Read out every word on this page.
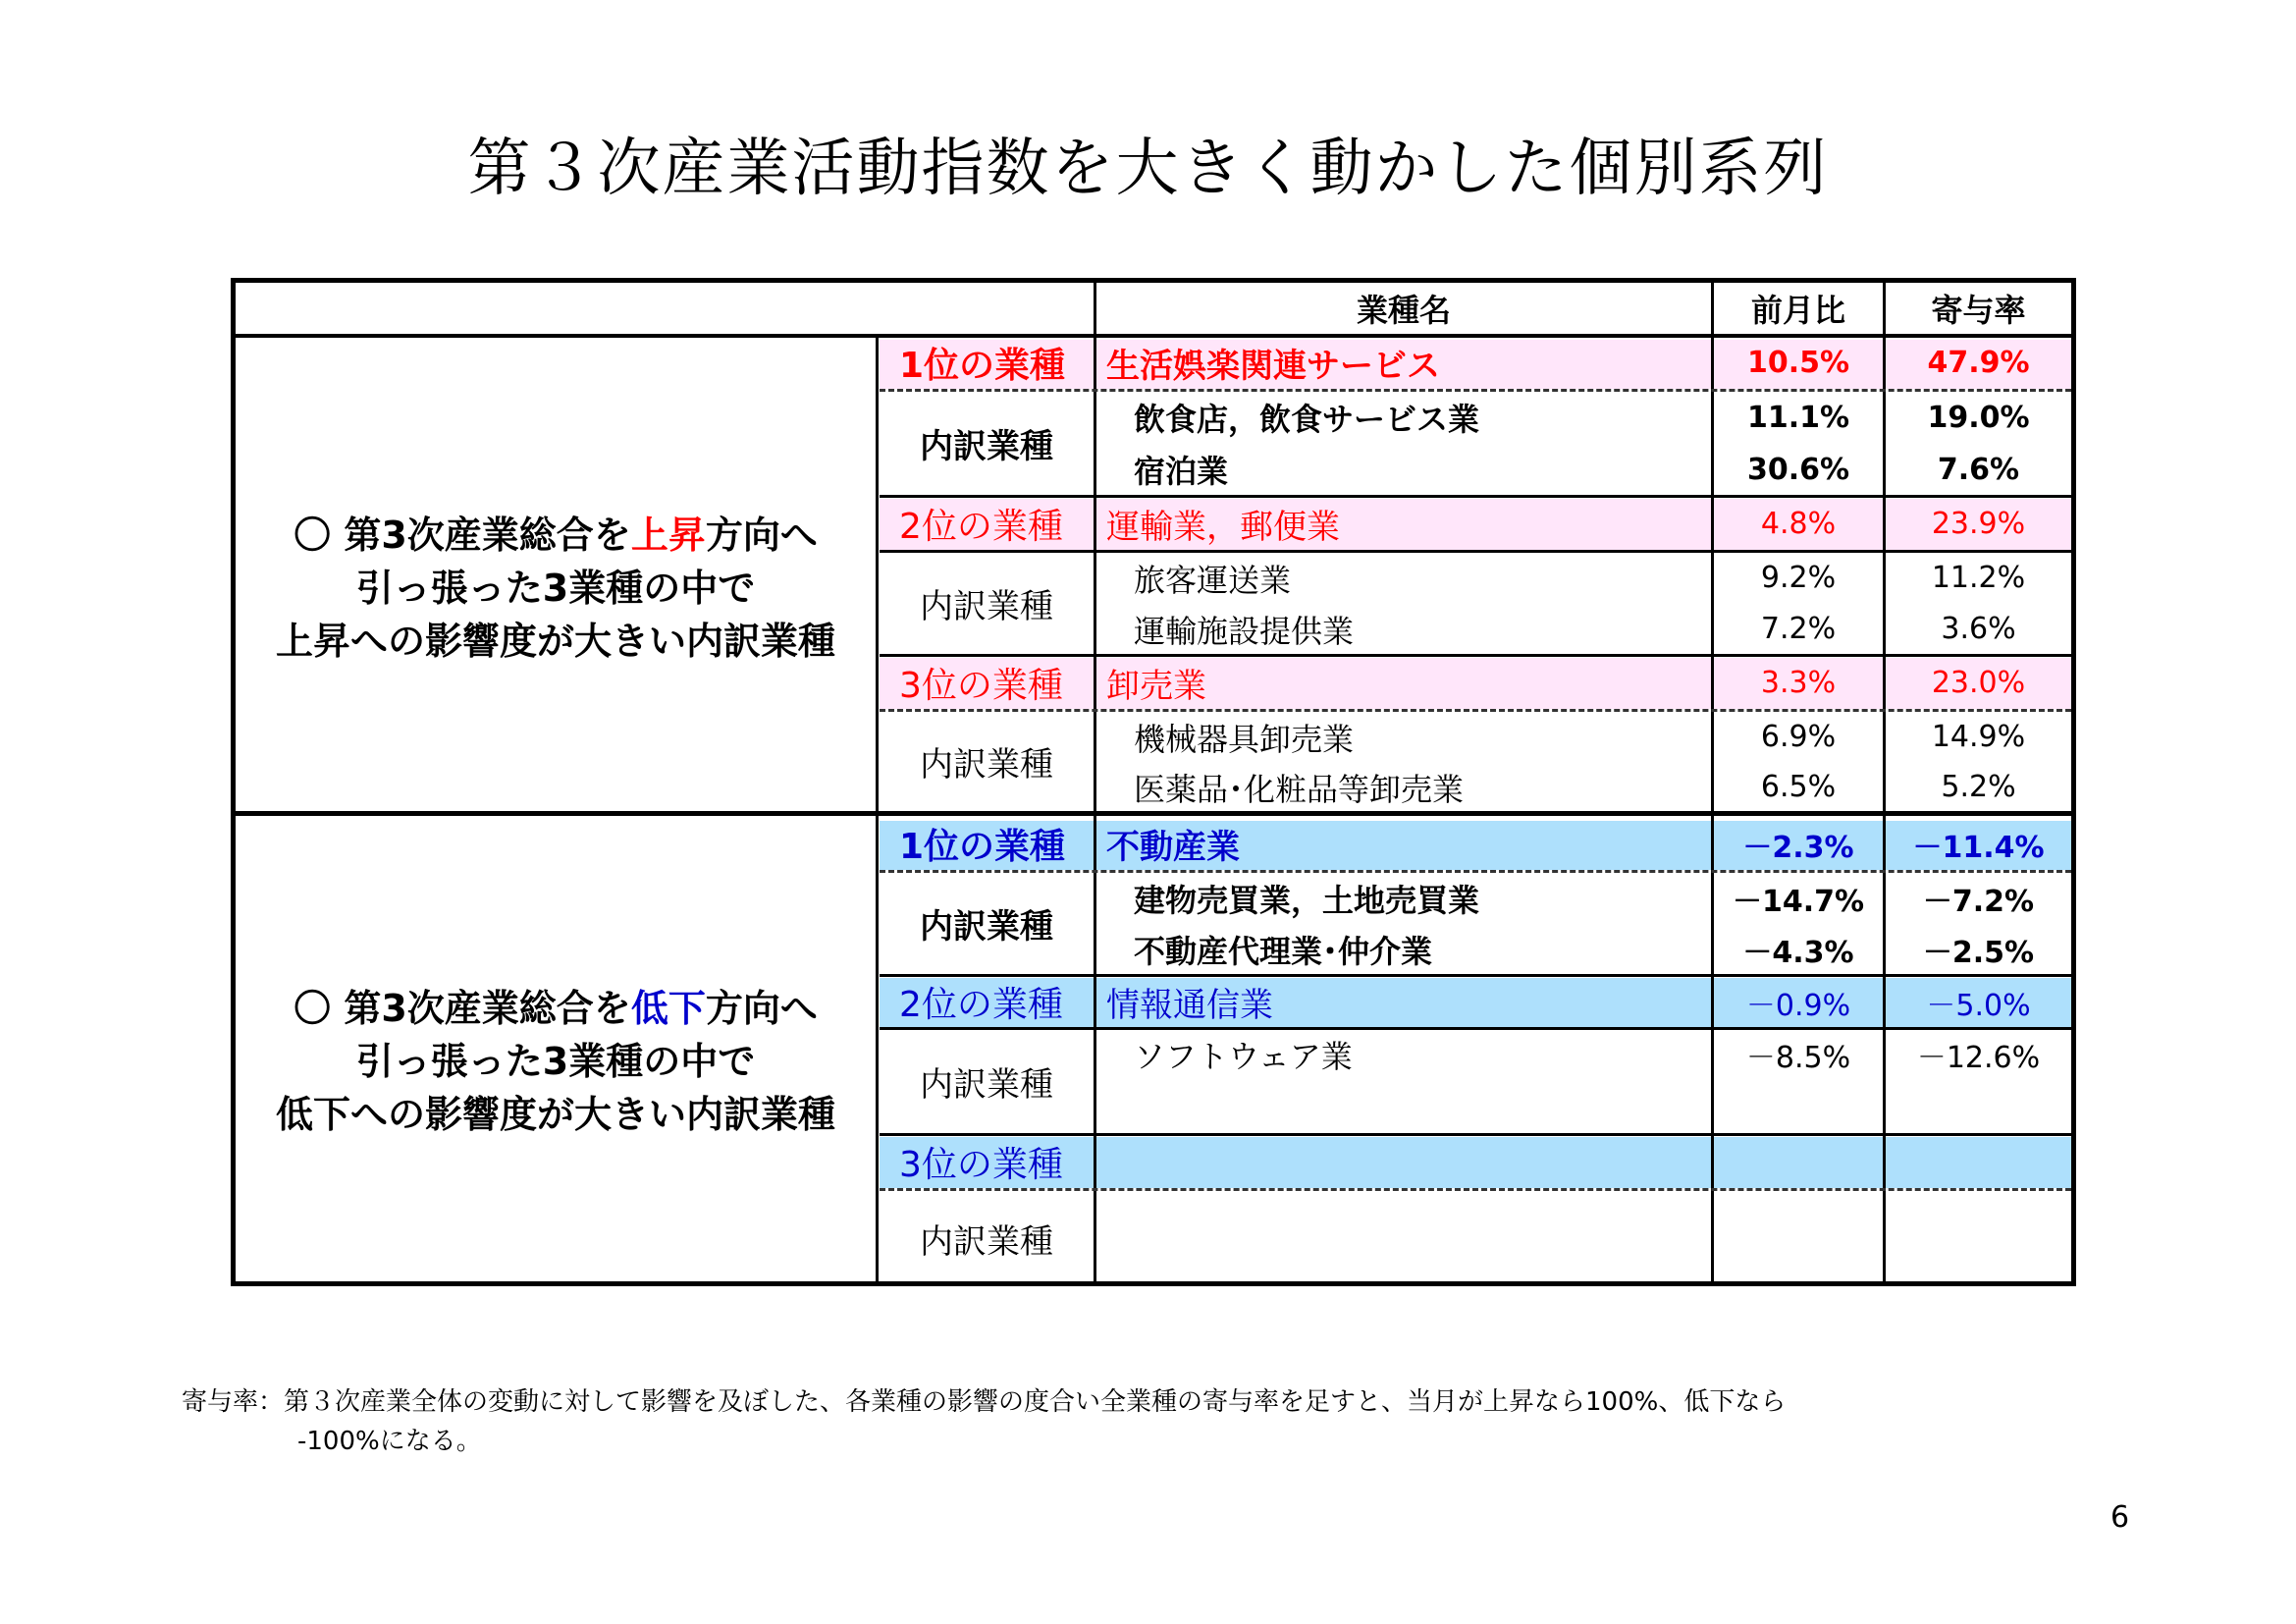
第３次産業活動指数を大きく動かした個別系列
業種名	前月比	寄与率
〇 第3次産業総合を上昇方向へ
引っ張った3業種の中で
上昇への影響度が大きい内訳業種
1位の業種	生活娯楽関連サービス	10.5%	47.9%
内訳業種
飲食店，飲食サービス業	11.1%	19.0%
宿泊業	30.6%	7.6%
2位の業種	運輸業，郵便業	4.8%	23.9%
内訳業種
旅客運送業	9.2%	11.2%
運輸施設提供業	7.2%	3.6%
3位の業種	卸売業	3.3%	23.0%
内訳業種
機械器具卸売業	6.9%	14.9%
医薬品･化粧品等卸売業	6.5%	5.2%
〇 第3次産業総合を低下方向へ
引っ張った3業種の中で
低下への影響度が大きい内訳業種
1位の業種	不動産業	－2.3%	－11.4%
内訳業種
建物売買業，土地売買業	－14.7%	－7.2%
不動産代理業･仲介業	－4.3%	－2.5%
2位の業種	情報通信業	－0.9%	－5.0%
内訳業種
ソフトウェア業	－8.5%	－12.6%
3位の業種
内訳業種
寄与率：第３次産業全体の変動に対して影響を及ぼした、各業種の影響の度合い全業種の寄与率を足すと、当月が上昇なら100%、低下なら
-100%になる。
6
